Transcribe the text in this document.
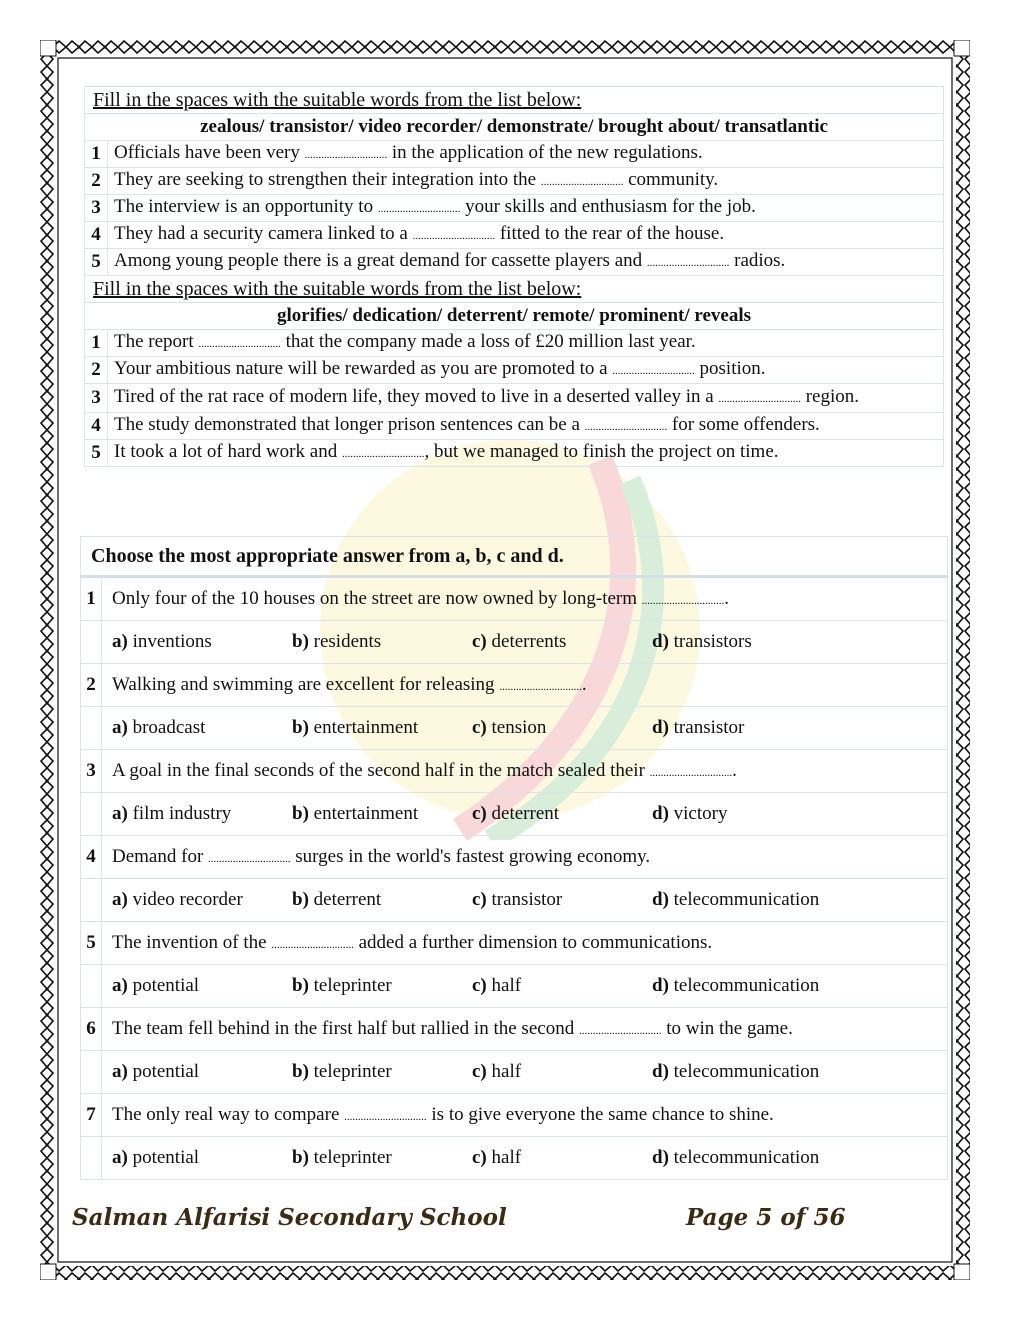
Fill in the spaces with the suitable words from the list below:	
zealous/ transistor/ video recorder/ demonstrate/ brought about/ transatlantic	
1	Officials have been very .............................. in the application of the new regulations.
2	They are seeking to strengthen their integration into the .............................. community.
3	The interview is an opportunity to .............................. your skills and enthusiasm for the job.
4	They had a security camera linked to a .............................. fitted to the rear of the house.
5	Among young people there is a great demand for cassette players and .............................. radios.
Fill in the spaces with the suitable words from the list below:	
glorifies/ dedication/ deterrent/ remote/ prominent/ reveals	
1	The report .............................. that the company made a loss of £20 million last year.
2	Your ambitious nature will be rewarded as you are promoted to a .............................. position.
3	Tired of the rat race of modern life, they moved to live in a deserted valley in a .............................. region.
4	The study demonstrated that longer prison sentences can be a .............................. for some offenders.
5	It took a lot of hard work and .............................., but we managed to finish the project on time.
Choose the most appropriate answer from a, b, c and d.	
1	Only four of the 10 houses on the street are now owned by long-term ...............................

	a) inventions b) residents c) deterrents d) transistors

2	Walking and swimming are excellent for releasing ...............................

	a) broadcast b) entertainment c) tension d) transistor

3	A goal in the final seconds of the second half in the match sealed their ...............................

	a) film industry b) entertainment c) deterrent d) victory

4	Demand for .............................. surges in the world's fastest growing economy.

	a) video recorder b) deterrent c) transistor d) telecommunication

5	The invention of the .............................. added a further dimension to communications.

	a) potential b) teleprinter c) half d) telecommunication

6	The team fell behind in the first half but rallied in the second .............................. to win the game.

	a) potential b) teleprinter c) half d) telecommunication

7	The only real way to compare .............................. is to give everyone the same chance to shine.

	a) potential b) teleprinter c) half d) telecommunication
Salman Alfarisi Secondary School	Page 5 of 56
